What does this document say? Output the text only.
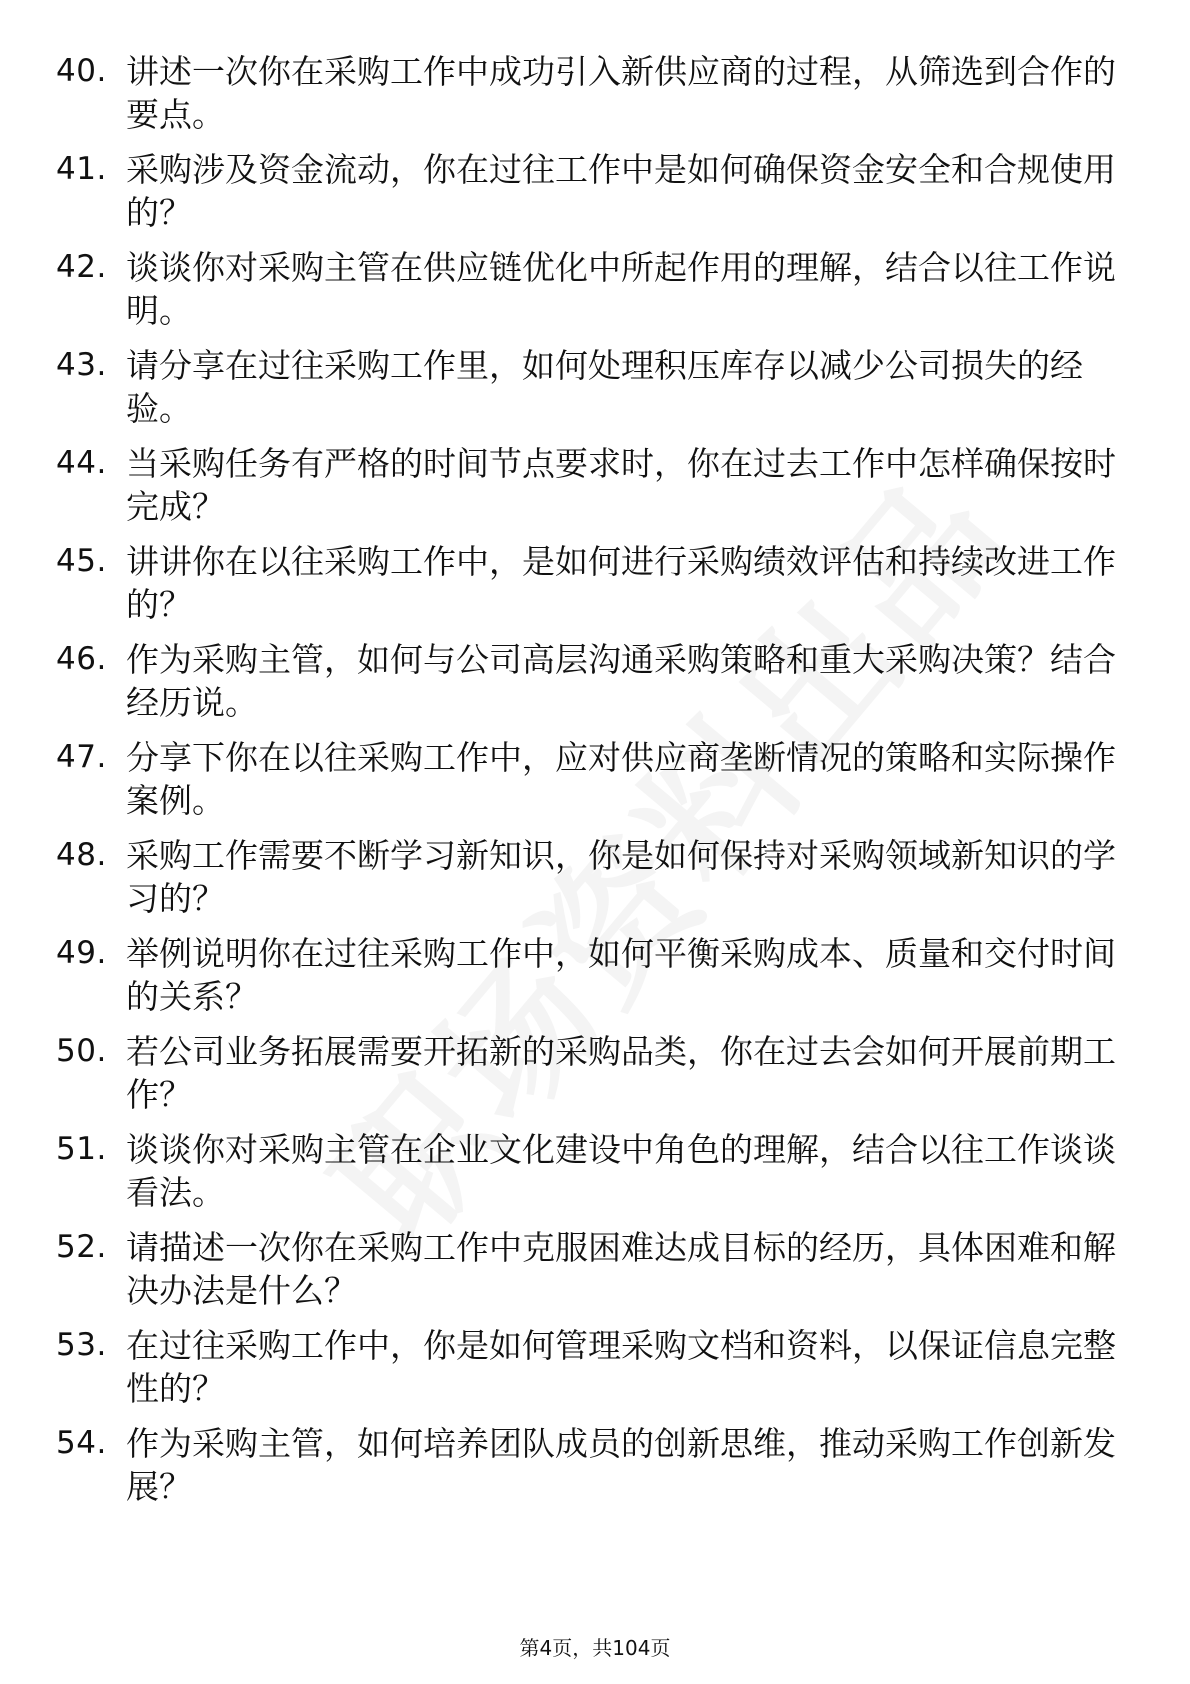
40. 讲述一次你在采购工作中成功引入新供应商的过程，从筛选到合作的要点。
41. 采购涉及资金流动，你在过往工作中是如何确保资金安全和合规使用的？
42. 谈谈你对采购主管在供应链优化中所起作用的理解，结合以往工作说明。
43. 请分享在过往采购工作里，如何处理积压库存以减少公司损失的经验。
44. 当采购任务有严格的时间节点要求时，你在过去工作中怎样确保按时完成？
45. 讲讲你在以往采购工作中，是如何进行采购绩效评估和持续改进工作的？
46. 作为采购主管，如何与公司高层沟通采购策略和重大采购决策？结合经历说。
47. 分享下你在以往采购工作中，应对供应商垄断情况的策略和实际操作案例。
48. 采购工作需要不断学习新知识，你是如何保持对采购领域新知识的学习的？
49. 举例说明你在过往采购工作中，如何平衡采购成本、质量和交付时间的关系？
50. 若公司业务拓展需要开拓新的采购品类，你在过去会如何开展前期工作？
51. 谈谈你对采购主管在企业文化建设中角色的理解，结合以往工作谈谈看法。
52. 请描述一次你在采购工作中克服困难达成目标的经历，具体困难和解决办法是什么？
53. 在过往采购工作中，你是如何管理采购文档和资料，以保证信息完整性的？
54. 作为采购主管，如何培养团队成员的创新思维，推动采购工作创新发展？
第4页，共104页
